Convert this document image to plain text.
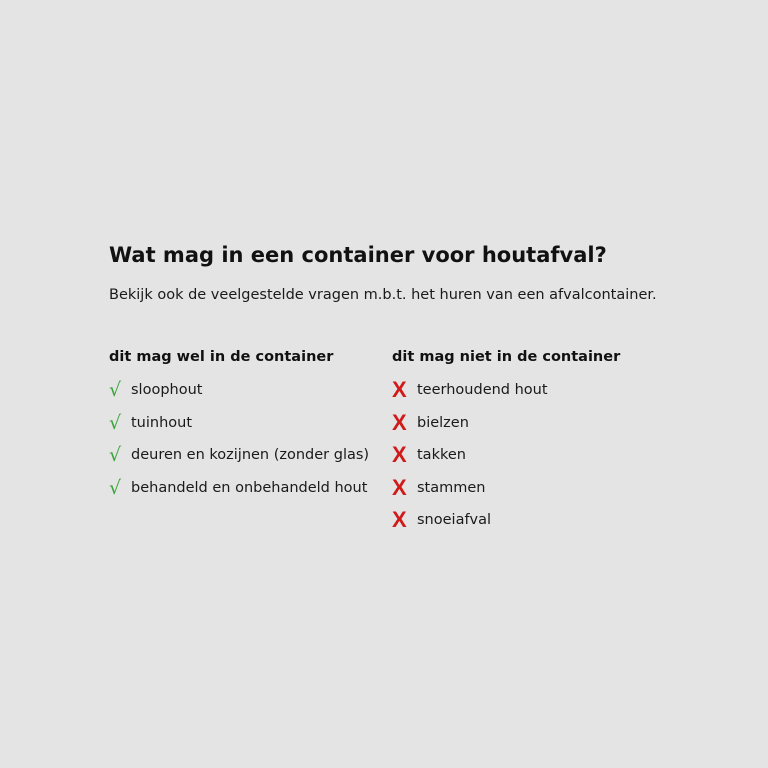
Wat mag in een container voor houtafval?

Bekijk ook de veelgestelde vragen m.b.t. het huren van een afvalcontainer.

dit mag wel in de container
√ sloophout
√ tuinhout
√ deuren en kozijnen (zonder glas)
√ behandeld en onbehandeld hout
dit mag niet in de container
X teerhoudend hout
X bielzen
X takken
X stammen
X snoeiafval
